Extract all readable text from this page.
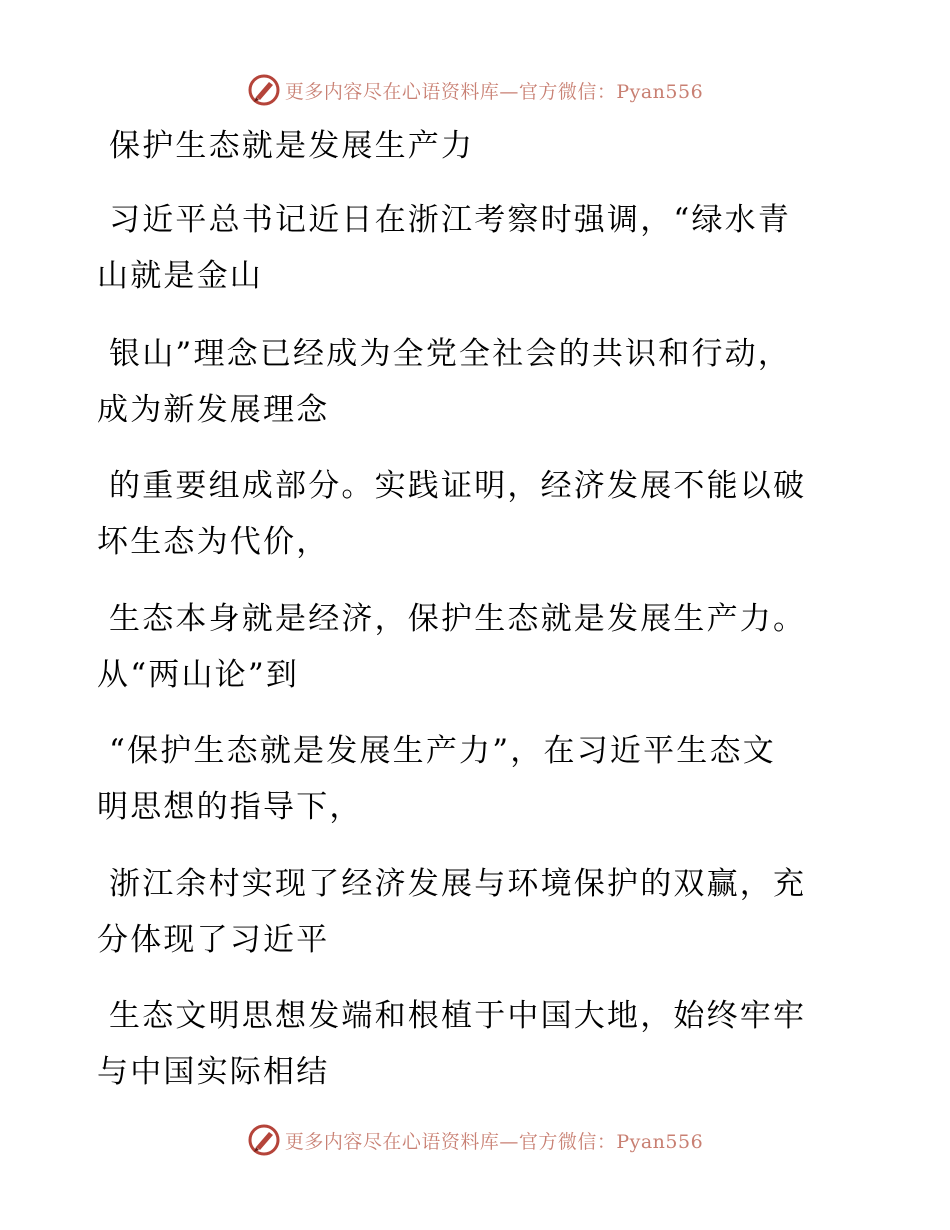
更多内容尽在心语资料库—官方微信：Pyan556
保护生态就是发展生产力
习近平总书记近日在浙江考察时强调，“绿水青
山就是金山
银山”理念已经成为全党全社会的共识和行动，
成为新发展理念
的重要组成部分。实践证明，经济发展不能以破
坏生态为代价，
生态本身就是经济，保护生态就是发展生产力。
从“两山论”到
“保护生态就是发展生产力”，在习近平生态文
明思想的指导下，
浙江余村实现了经济发展与环境保护的双赢，充
分体现了习近平
生态文明思想发端和根植于中国大地，始终牢牢
与中国实际相结
更多内容尽在心语资料库—官方微信：Pyan556
